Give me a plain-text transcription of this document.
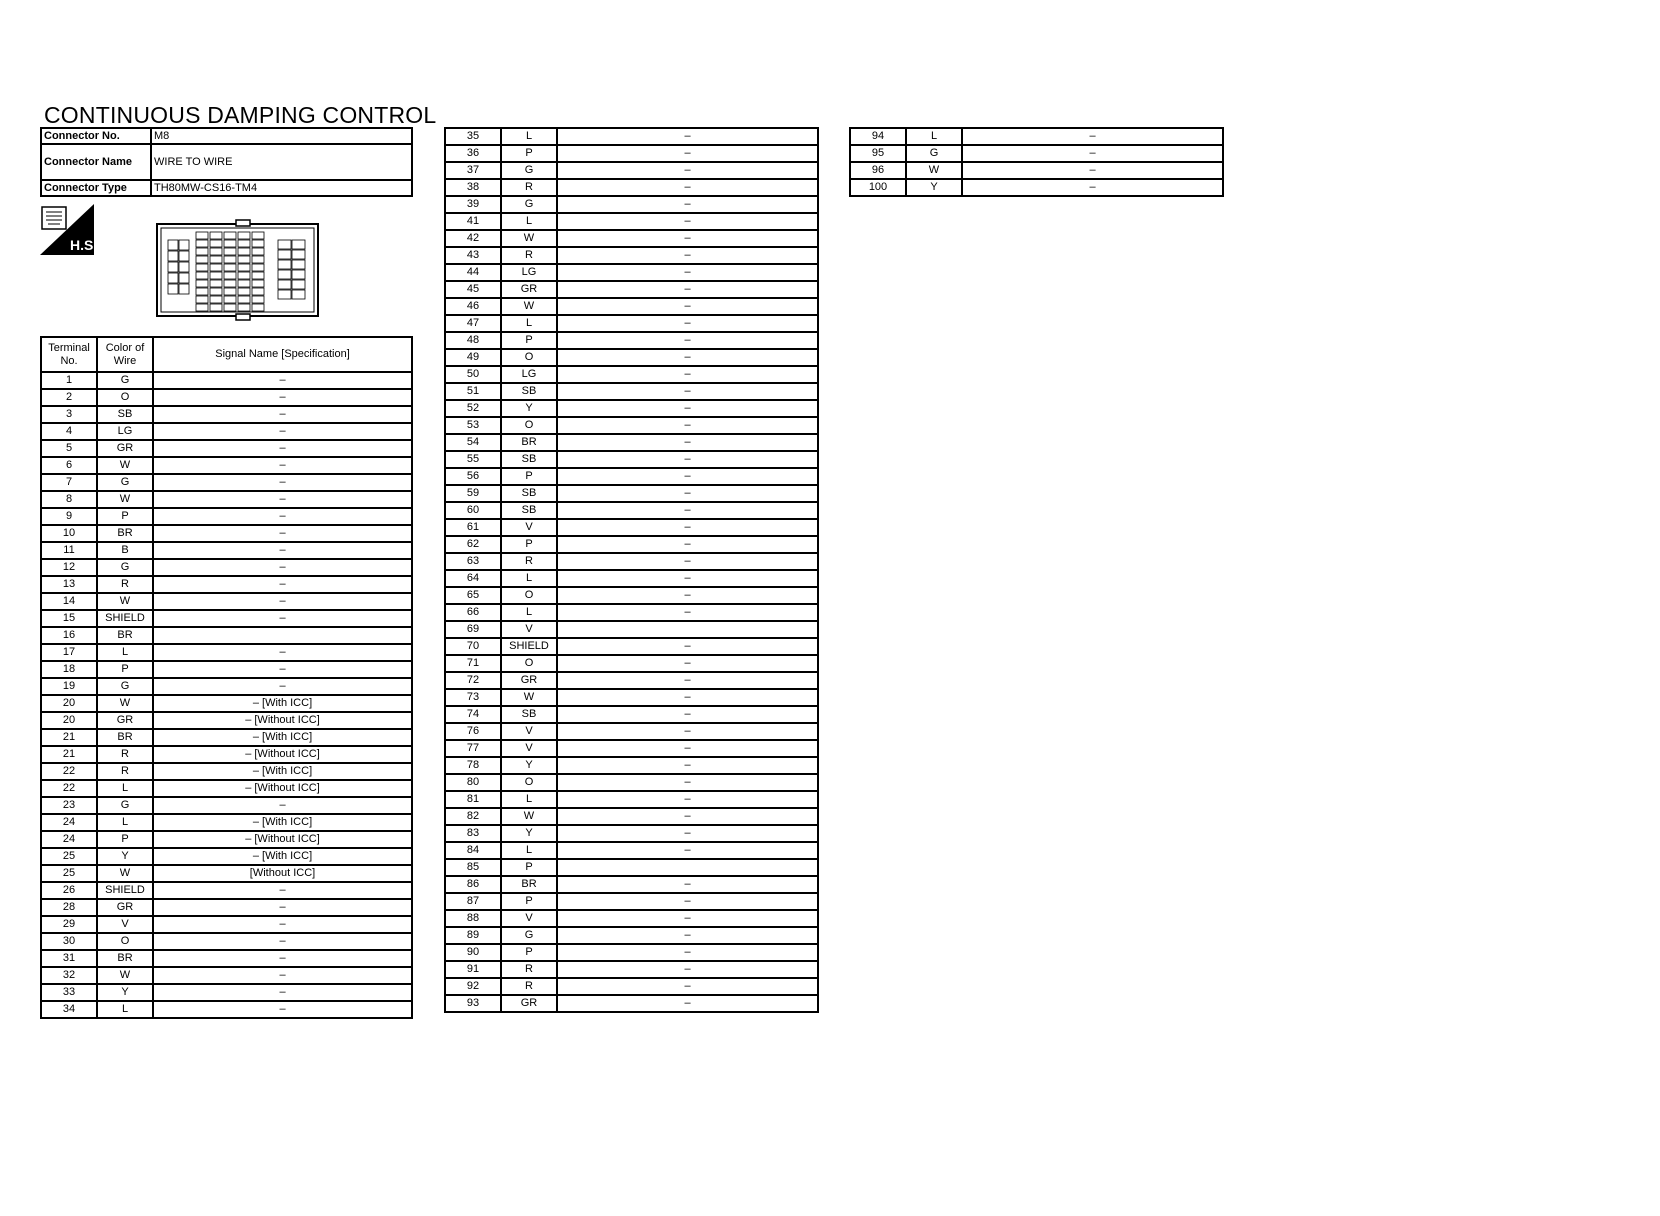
CONTINUOUS DAMPING CONTROL
Connector No.	M8
Connector Name	WIRE TO WIRE
Connector Type	TH80MW-CS16-TM4
H.S.
Terminal No.	Color of Wire	Signal Name [Specification]
1	G	–
2	O	–
3	SB	–
4	LG	–
5	GR	–
6	W	–
7	G	–
8	W	–
9	P	–
10	BR	–
11	B	–
12	G	–
13	R	–
14	W	–
15	SHIELD	–
16	BR	
17	L	–
18	P	–
19	G	–
20	W	– [With ICC]
20	GR	– [Without ICC]
21	BR	– [With ICC]
21	R	– [Without ICC]
22	R	– [With ICC]
22	L	– [Without ICC]
23	G	–
24	L	– [With ICC]
24	P	– [Without ICC]
25	Y	– [With ICC]
25	W	[Without ICC]
26	SHIELD	–
28	GR	–
29	V	–
30	O	–
31	BR	–
32	W	–
33	Y	–
34	L	–
35	L	–
36	P	–
37	G	–
38	R	–
39	G	–
41	L	–
42	W	–
43	R	–
44	LG	–
45	GR	–
46	W	–
47	L	–
48	P	–
49	O	–
50	LG	–
51	SB	–
52	Y	–
53	O	–
54	BR	–
55	SB	–
56	P	–
59	SB	–
60	SB	–
61	V	–
62	P	–
63	R	–
64	L	–
65	O	–
66	L	–
69	V	
70	SHIELD	–
71	O	–
72	GR	–
73	W	–
74	SB	–
76	V	–
77	V	–
78	Y	–
80	O	–
81	L	–
82	W	–
83	Y	–
84	L	–
85	P	
86	BR	–
87	P	–
88	V	–
89	G	–
90	P	–
91	R	–
92	R	–
93	GR	–
94	L	–
95	G	–
96	W	–
100	Y	–
